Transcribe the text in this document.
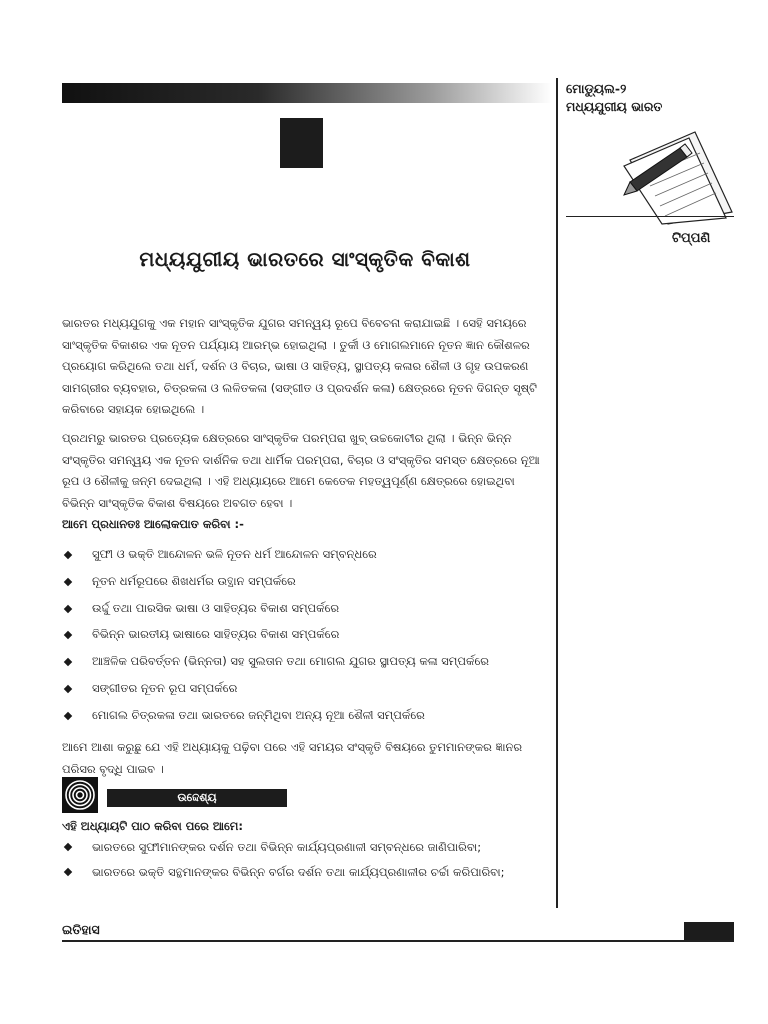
ମୋଡ୍ୟୁଲ-୨
ମଧ୍ୟଯୁଗୀୟ ଭାରତ
ଟିପ୍ପଣି
ମଧ୍ୟଯୁଗୀୟ ଭାରତରେ ସାଂସ୍କୃତିକ ବିକାଶ

ଭାରତର ମଧ୍ୟଯୁଗକୁ ଏକ ମହାନ ସାଂସ୍କୃତିକ ଯୁଗର ସମନ୍ୱୟ ରୂପେ ବିବେଚନା କରାଯାଇଛି । ସେହି ସମୟରେ ସାଂସ୍କୃତିକ ବିକାଶର ଏକ ନୂତନ ପର୍ଯ୍ୟାୟ ଆରମ୍ଭ ହୋଇଥିଲା । ତୁର୍କୀ ଓ ମୋଗଲମାନେ ନୂତନ ଜ୍ଞାନ କୌଶଳର ପ୍ରୟୋଗ କରିଥିଲେ ତଥା ଧର୍ମ, ଦର୍ଶନ ଓ ବିଚାର, ଭାଷା ଓ ସାହିତ୍ୟ, ସ୍ଥାପତ୍ୟ କଳାର ଶୈଳୀ ଓ ଗୃହ ଉପକରଣ ସାମଗ୍ରୀର ବ୍ୟବହାର, ଚିତ୍ରକଳା ଓ ଲଳିତକଳା (ସଙ୍ଗୀତ ଓ ପ୍ରଦର୍ଶନ କଳା) କ୍ଷେତ୍ରରେ ନୂତନ ଦିଗନ୍ତ ସୃଷ୍ଟି କରିବାରେ ସହାୟକ ହୋଇଥିଲେ ।

ପ୍ରଥମରୁ ଭାରତର ପ୍ରତ୍ୟେକ କ୍ଷେତ୍ରରେ ସାଂସ୍କୃତିକ ପରମ୍ପରା ଖୁବ୍ ଉଚ୍ଚକୋଟୀର ଥିଲା । ଭିନ୍ନ ଭିନ୍ନ ସଂସ୍କୃତିର ସମନ୍ୱୟ ଏକ ନୂତନ ଦାର୍ଶନିକ ତଥା ଧାର୍ମିକ ପରମ୍ପରା, ବିଚାର ଓ ସଂସ୍କୃତିର ସମସ୍ତ କ୍ଷେତ୍ରରେ ନୂଆ ରୂପ ଓ ଶୈଳୀକୁ ଜନ୍ମ ଦେଇଥିଲା । ଏହି ଅଧ୍ୟାୟରେ ଆମେ କେତେକ ମହତ୍ୱପୂର୍ଣ୍ଣ କ୍ଷେତ୍ରରେ ହୋଇଥିବା ବିଭିନ୍ନ ସାଂସ୍କୃତିକ ବିକାଶ ବିଷୟରେ ଅବଗତ ହେବା ।

ଆମେ ପ୍ରଧାନତଃ ଆଲୋକପାତ କରିବା :-
ସୁଫୀ ଓ ଭକ୍ତି ଆନ୍ଦୋଳନ ଭଳି ନୂତନ ଧର୍ମ ଆନ୍ଦୋଳନ ସମ୍ବନ୍ଧରେ
ନୂତନ ଧର୍ମରୂପରେ ଶିଖଧର୍ମର ଉତ୍ଥାନ ସମ୍ପର୍କରେ
ଉର୍ଦ୍ଦୁ ତଥା ପାରସିକ ଭାଷା ଓ ସାହିତ୍ୟର ବିକାଶ ସମ୍ପର୍କରେ
ବିଭିନ୍ନ ଭାରତୀୟ ଭାଷାରେ ସାହିତ୍ୟର ବିକାଶ ସମ୍ପର୍କରେ
ଆଞ୍ଚଳିକ ପରିବର୍ତ୍ତନ (ଭିନ୍ନତା) ସହ ସୁଲତାନ ତଥା ମୋଗଲ ଯୁଗର ସ୍ଥାପତ୍ୟ କଳା ସମ୍ପର୍କରେ
ସଙ୍ଗୀତର ନୂତନ ରୂପ ସମ୍ପର୍କରେ
ମୋଗଲ ଚିତ୍ରକଳା ତଥା ଭାରତରେ ଜନ୍ମିଥିବା ଅନ୍ୟ ନୂଆ ଶୈଳୀ ସମ୍ପର୍କରେ

ଆମେ ଆଶା କରୁଛୁ ଯେ ଏହି ଅଧ୍ୟାୟକୁ ପଢ଼ିବା ପରେ ଏହି ସମୟର ସଂସ୍କୃତି ବିଷୟରେ ତୁମମାନଙ୍କର ଜ୍ଞାନର ପରିସର ବୃଦ୍ଧି ପାଇବ ।

ଉଦ୍ଦେଶ୍ୟ
ଏହି ଅଧ୍ୟାୟଟି ପାଠ କରିବା ପରେ ଆମେ:
ଭାରତରେ ସୁଫୀମାନଙ୍କର ଦର୍ଶନ ତଥା ବିଭିନ୍ନ କାର୍ଯ୍ୟପ୍ରଣାଳୀ ସମ୍ବନ୍ଧରେ ଜାଣିପାରିବା;
ଭାରତରେ ଭକ୍ତି ସନ୍ଥମାନଙ୍କର ବିଭିନ୍ନ ବର୍ଗର ଦର୍ଶନ ତଥା କାର୍ଯ୍ୟପ୍ରଣାଳୀର ଚର୍ଚ୍ଚା କରିପାରିବା;
ଇତିହାସ
